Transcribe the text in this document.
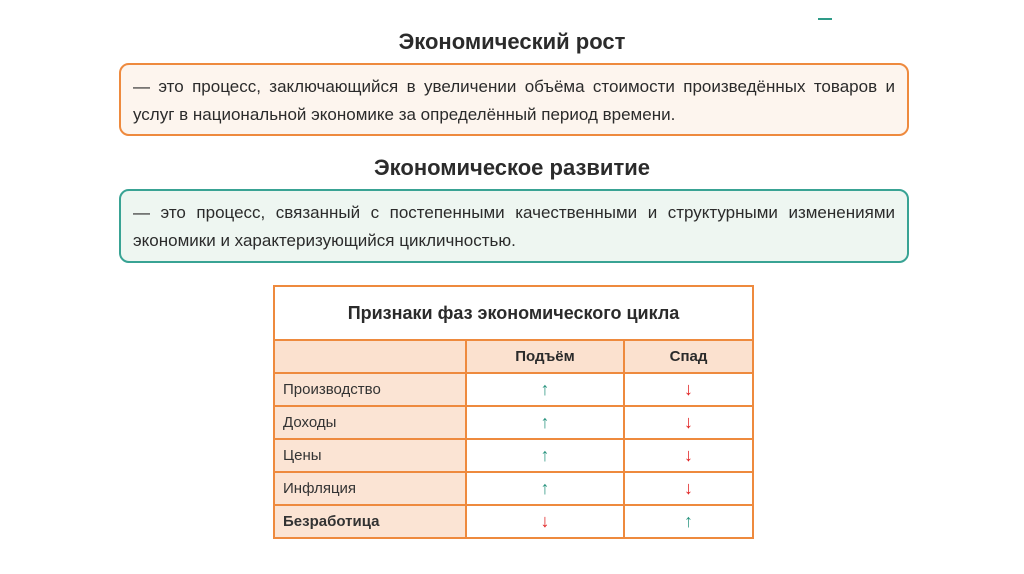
Экономический рост
— это процесс, заключающийся в увеличении объёма стоимости произведённых товаров и услуг в национальной экономике за определённый период времени.
Экономическое развитие
— это процесс, связанный с постепенными качественными и структурными изменениями экономики и характеризующийся цикличностью.
Признаки фаз экономического цикла		
	Подъём	Спад
Производство	↑	↓
Доходы	↑	↓
Цены	↑	↓
Инфляция	↑	↓
Безработица	↓	↑
